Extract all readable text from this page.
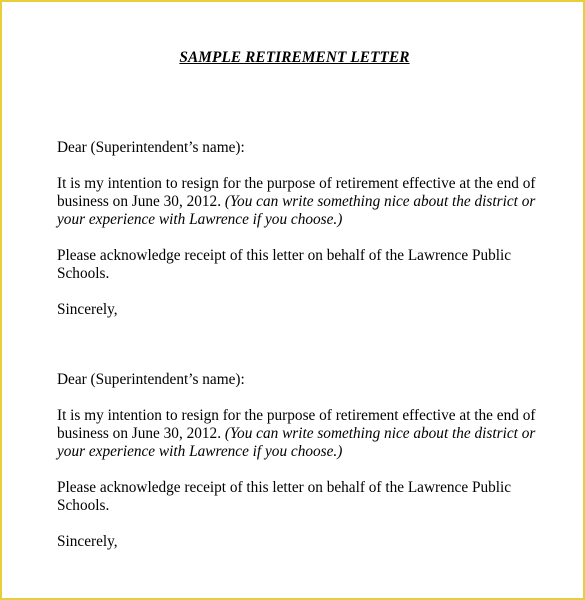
SAMPLE RETIREMENT LETTER

Dear (Superintendent’s name):

It is my intention to resign for the purpose of retirement effective at the end of business on June 30, 2012. (You can write something nice about the district or your experience with Lawrence if you choose.)

Please acknowledge receipt of this letter on behalf of the Lawrence Public Schools.

Sincerely,

Dear (Superintendent’s name):

It is my intention to resign for the purpose of retirement effective at the end of business on June 30, 2012. (You can write something nice about the district or your experience with Lawrence if you choose.)

Please acknowledge receipt of this letter on behalf of the Lawrence Public Schools.

Sincerely,
